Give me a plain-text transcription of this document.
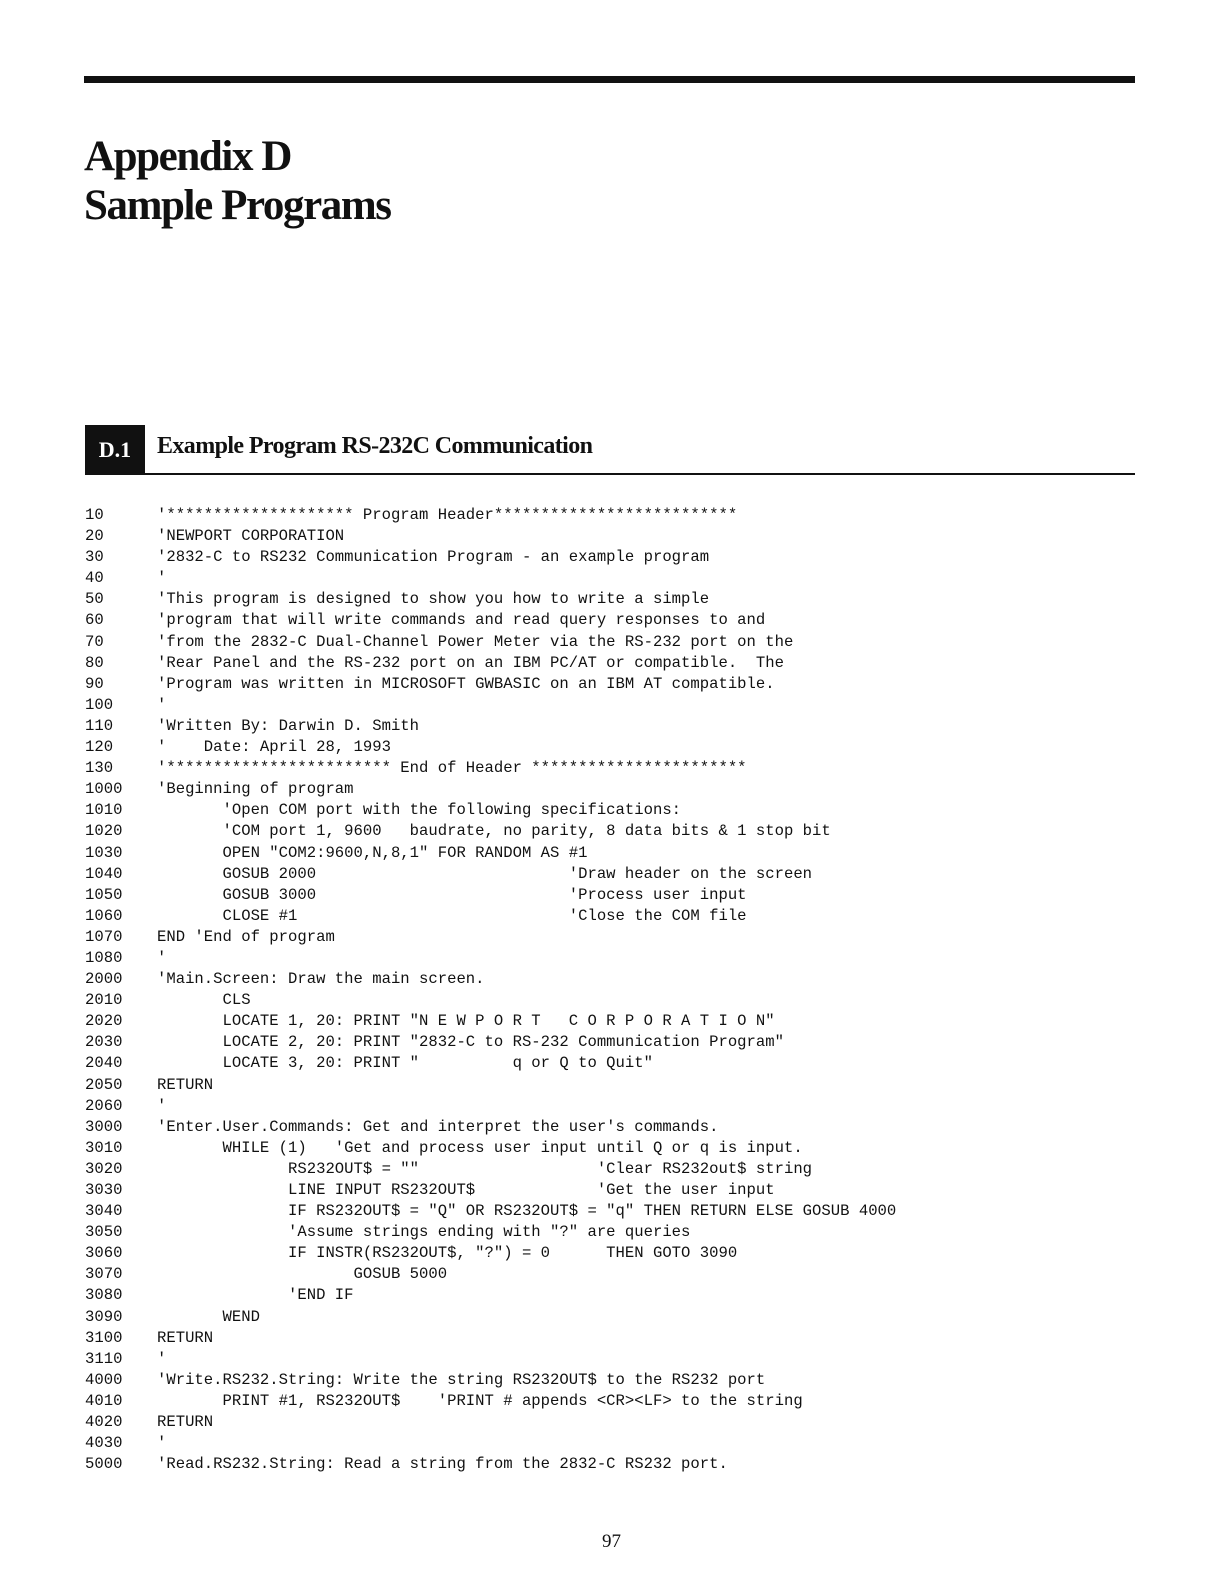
Appendix D
Sample Programs
D.1	Example Program RS-232C Communication
10	'******************** Program Header**************************
20	'NEWPORT CORPORATION
30	'2832-C to RS232 Communication Program - an example program
40	'
50	'This program is designed to show you how to write a simple
60	'program that will write commands and read query responses to and
70	'from the 2832-C Dual-Channel Power Meter via the RS-232 port on the
80	'Rear Panel and the RS-232 port on an IBM PC/AT or compatible.  The
90	'Program was written in MICROSOFT GWBASIC on an IBM AT compatible.
100	'
110	'Written By: Darwin D. Smith
120	'    Date: April 28, 1993
130	'************************ End of Header ***********************
1000 'Beginning of program
1010 'Open COM port with the following specifications:
1020 'COM port 1, 9600   baudrate, no parity, 8 data bits & 1 stop bit
1030 OPEN "COM2:9600,N,8,1" FOR RANDOM AS #1
1040 GOSUB 2000                           'Draw header on the screen
1050 GOSUB 3000                           'Process user input
1060 CLOSE #1                             'Close the COM file
1070 END 'End of program
1080 '
2000 'Main.Screen: Draw the main screen.
2010 CLS
2020 LOCATE 1, 20: PRINT "N E W P O R T   C O R P O R A T I O N"
2030 LOCATE 2, 20: PRINT "2832-C to RS-232 Communication Program"
2040 LOCATE 3, 20: PRINT "          q or Q to Quit"
2050 RETURN
2060 '
3000 'Enter.User.Commands: Get and interpret the user's commands.
3010 WHILE (1)   'Get and process user input until Q or q is input.
3020 RS232OUT$ = ""                   'Clear RS232out$ string
3030 LINE INPUT RS232OUT$             'Get the user input
3040 IF RS232OUT$ = "Q" OR RS232OUT$ = "q" THEN RETURN ELSE GOSUB 4000
3050 'Assume strings ending with "?" are queries
3060 IF INSTR(RS232OUT$, "?") = 0      THEN GOTO 3090
3070 GOSUB 5000
3080 'END IF
3090 WEND
3100 RETURN
3110 '
4000 'Write.RS232.String: Write the string RS232OUT$ to the RS232 port
4010 PRINT #1, RS232OUT$    'PRINT # appends <CR><LF> to the string
4020 RETURN
4030 '
5000 'Read.RS232.String: Read a string from the 2832-C RS232 port.
97
